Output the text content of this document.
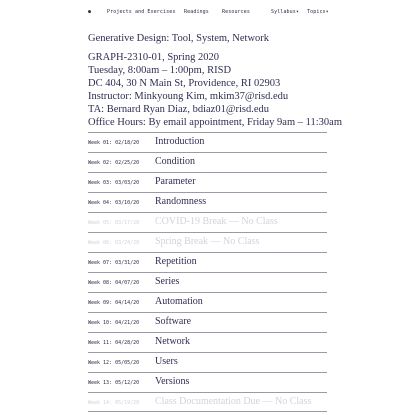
●	Projects and Exercises Readings	Resources	Syllabus▾ Topics▾
Generative Design: Tool, System, Network
GRAPH-2310-01, Spring 2020
Tuesday, 8:00am – 1:00pm, RISD
DC 404, 30 N Main St, Providence, RI 02903
Instructor: Minkyoung Kim, mkim37@risd.edu
TA: Bernard Ryan Diaz, bdiaz01@risd.edu
Office Hours: By email appointment, Friday 9am – 11:30am
Week 01: 02/18/20 Introduction
Week 02: 02/25/20 Condition
Week 03: 03/03/20 Parameter
Week 04: 03/10/20 Randomness
Week 05: 03/17/20 COVID-19 Break — No Class
Week 06: 03/24/20 Spring Break — No Class
Week 07: 03/31/20 Repetition
Week 08: 04/07/20 Series
Week 09: 04/14/20 Automation
Week 10: 04/21/20 Software
Week 11: 04/28/20 Network
Week 12: 05/05/20 Users
Week 13: 05/12/20 Versions
Week 14: 05/19/20 Class Documentation Due — No Class
